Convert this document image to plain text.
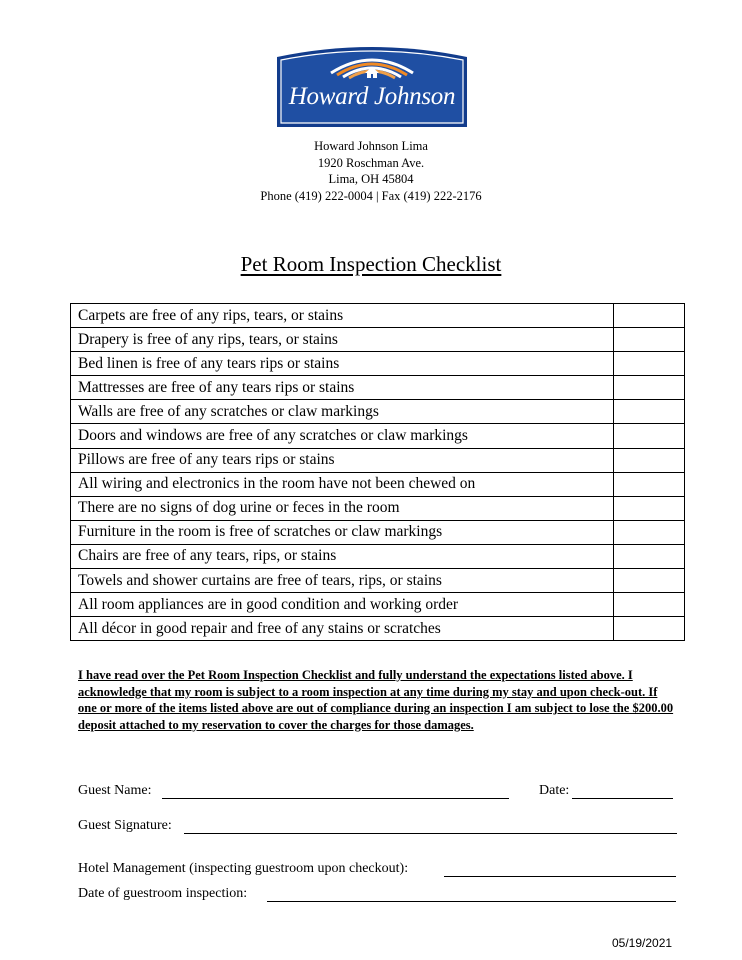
Howard Johnson
Howard Johnson Lima
1920 Roschman Ave.
Lima, OH 45804
Phone (419) 222-0004 | Fax (419) 222-2176
Pet Room Inspection Checklist
Carpets are free of any rips, tears, or stains	
Drapery is free of any rips, tears, or stains	
Bed linen is free of any tears rips or stains	
Mattresses are free of any tears rips or stains	
Walls are free of any scratches or claw markings	
Doors and windows are free of any scratches or claw markings	
Pillows are free of any tears rips or stains	
All wiring and electronics in the room have not been chewed on	
There are no signs of dog urine or feces in the room	
Furniture in the room is free of scratches or claw markings	
Chairs are free of any tears, rips, or stains	
Towels and shower curtains are free of tears, rips, or stains	
All room appliances are in good condition and working order	
All décor in good repair and free of any stains or scratches	
I have read over the Pet Room Inspection Checklist and fully understand the expectations listed above. I acknowledge that my room is subject to a room inspection at any time during my stay and upon check-out. If one or more of the items listed above are out of compliance during an inspection I am subject to lose the $200.00 deposit attached to my reservation to cover the charges for those damages.
Guest Name:	Date:
Guest Signature:
Hotel Management (inspecting guestroom upon checkout):
Date of guestroom inspection:
05/19/2021
